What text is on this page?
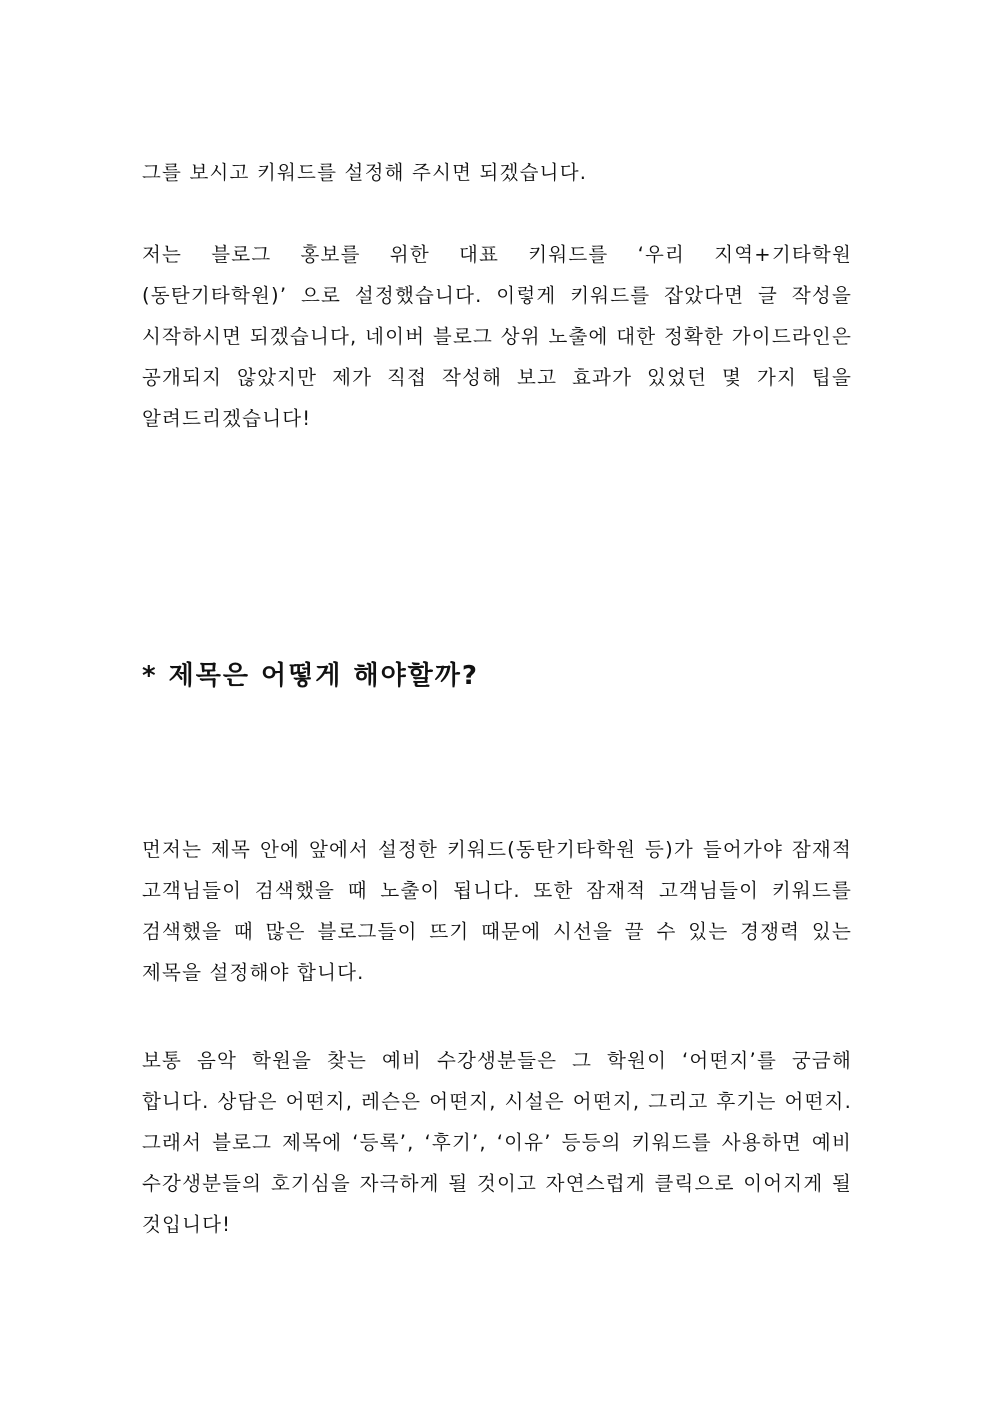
그를 보시고 키워드를 설정해 주시면 되겠습니다.

저는 블로그 홍보를 위한 대표 키워드를 ‘우리 지역+기타학원 (동탄기타학원)’ 으로 설정했습니다. 이렇게 키워드를 잡았다면 글 작성을 시작하시면 되겠습니다, 네이버 블로그 상위 노출에 대한 정확한 가이드라인은 공개되지 않았지만 제가 직접 작성해 보고 효과가 있었던 몇 가지 팁을 알려드리겠습니다!

* 제목은 어떻게 해야할까?

먼저는 제목 안에 앞에서 설정한 키워드(동탄기타학원 등)가 들어가야 잠재적 고객님들이 검색했을 때 노출이 됩니다. 또한 잠재적 고객님들이 키워드를 검색했을 때 많은 블로그들이 뜨기 때문에 시선을 끌 수 있는 경쟁력 있는 제목을 설정해야 합니다.

보통 음악 학원을 찾는 예비 수강생분들은 그 학원이 ‘어떤지’를 궁금해 합니다. 상담은 어떤지, 레슨은 어떤지, 시설은 어떤지, 그리고 후기는 어떤지. 그래서 블로그 제목에 ‘등록’, ‘후기’, ‘이유’ 등등의 키워드를 사용하면 예비 수강생분들의 호기심을 자극하게 될 것이고 자연스럽게 클릭으로 이어지게 될 것입니다!
